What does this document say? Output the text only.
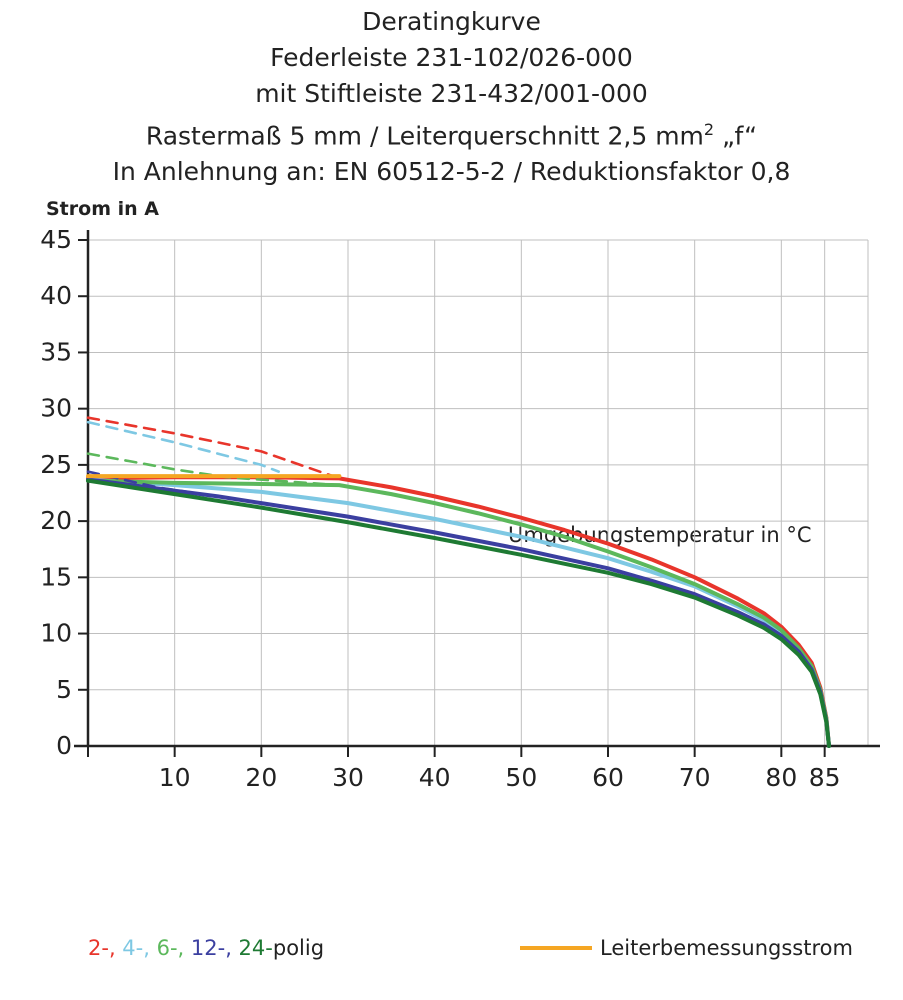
Deratingkurve
Federleiste 231-102/026-000
mit Stiftleiste 231-432/001-000
Rastermaß 5 mm / Leiterquerschnitt 2,5 $mm^2$ „f“
In Anlehnung an: EN 60512-5-2 / Reduktionsfaktor 0,8
Strom in A
Umgebungstemperatur in °C
0
5
10
15
20
25
30
35
40
45
10 20 30 40 50 60 70 80 85
2-, 4-, 6-, 12-, 24-polig	Leiterbemessungsstrom
